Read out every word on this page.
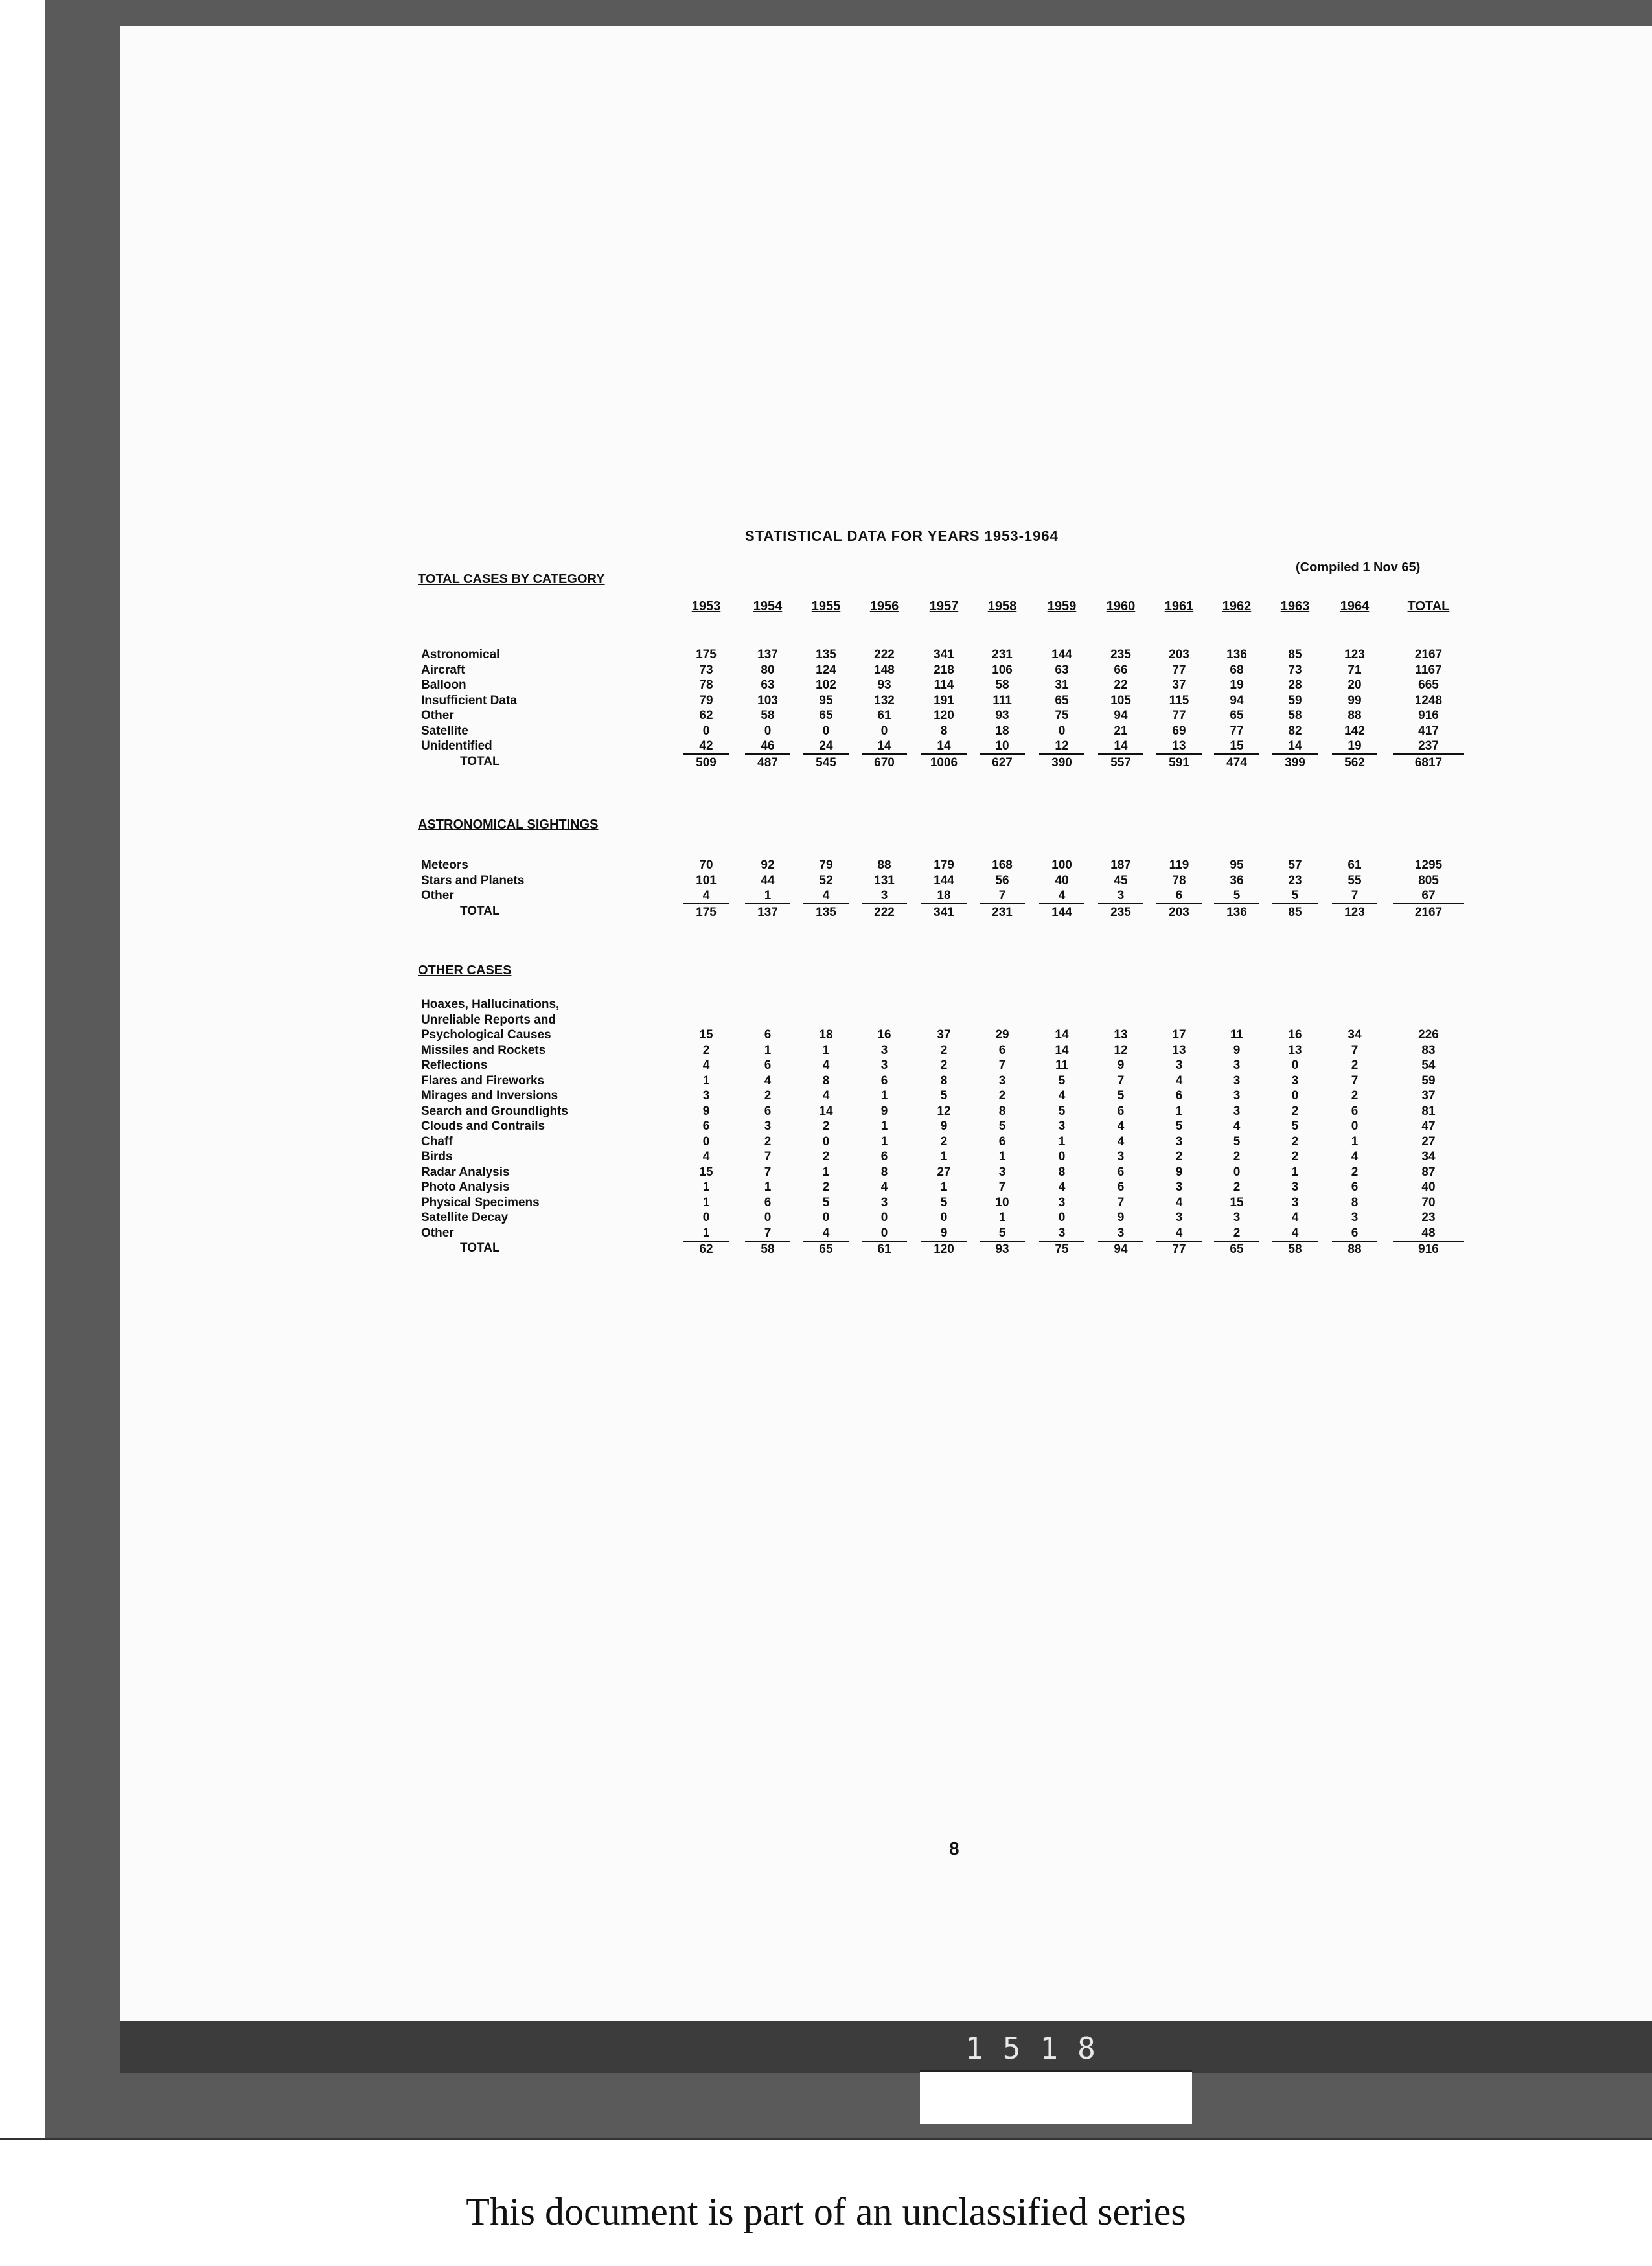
1518
STATISTICAL DATA FOR YEARS 1953-1964
(Compiled 1 Nov 65)
1953	1954	1955	1956	1957	1958	1959	1960	1961	1962	1963	1964	TOTAL
TOTAL CASES BY CATEGORY
Astronomical	175	137	135	222	341	231	144	235	203	136	85	123	2167
Aircraft	73	80	124	148	218	106	63	66	77	68	73	71	1167
Balloon	78	63	102	93	114	58	31	22	37	19	28	20	665
Insufficient Data	79	103	95	132	191	111	65	105	115	94	59	99	1248
Other	62	58	65	61	120	93	75	94	77	65	58	88	916
Satellite	0	0	0	0	8	18	0	21	69	77	82	142	417
Unidentified	42	46	24	14	14	10	12	14	13	15	14	19	237
TOTAL	509	487	545	670	1006	627	390	557	591	474	399	562	6817
ASTRONOMICAL SIGHTINGS
Meteors	70	92	79	88	179	168	100	187	119	95	57	61	1295
Stars and Planets	101	44	52	131	144	56	40	45	78	36	23	55	805
Other	4	1	4	3	18	7	4	3	6	5	5	7	67
TOTAL	175	137	135	222	341	231	144	235	203	136	85	123	2167
OTHER CASES
Hoaxes, Hallucinations,
Unreliable Reports and
Psychological Causes	15	6	18	16	37	29	14	13	17	11	16	34	226
Missiles and Rockets	2	1	1	3	2	6	14	12	13	9	13	7	83
Reflections	4	6	4	3	2	7	11	9	3	3	0	2	54
Flares and Fireworks	1	4	8	6	8	3	5	7	4	3	3	7	59
Mirages and Inversions	3	2	4	1	5	2	4	5	6	3	0	2	37
Search and Groundlights	9	6	14	9	12	8	5	6	1	3	2	6	81
Clouds and Contrails	6	3	2	1	9	5	3	4	5	4	5	0	47
Chaff	0	2	0	1	2	6	1	4	3	5	2	1	27
Birds	4	7	2	6	1	1	0	3	2	2	2	4	34
Radar Analysis	15	7	1	8	27	3	8	6	9	0	1	2	87
Photo Analysis	1	1	2	4	1	7	4	6	3	2	3	6	40
Physical Specimens	1	6	5	3	5	10	3	7	4	15	3	8	70
Satellite Decay	0	0	0	0	0	1	0	9	3	3	4	3	23
Other	1	7	4	0	9	5	3	3	4	2	4	6	48
TOTAL	62	58	65	61	120	93	75	94	77	65	58	88	916
8
This document is part of an unclassified series
